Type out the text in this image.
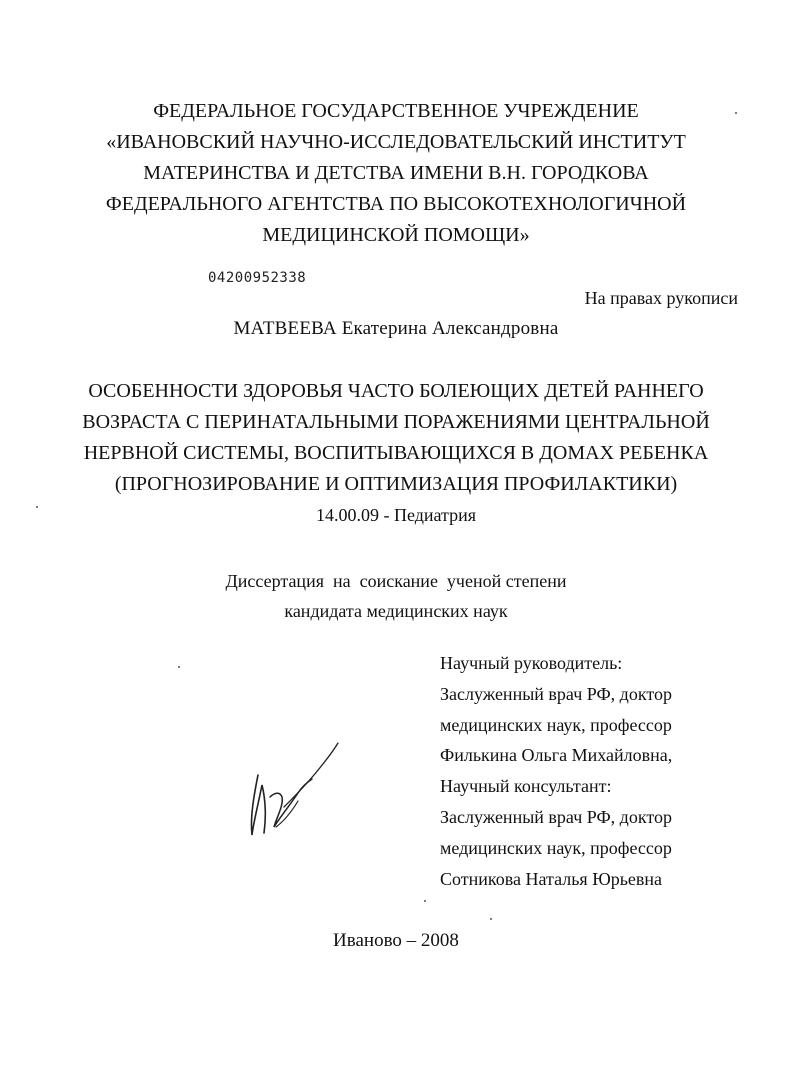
ФЕДЕРАЛЬНОЕ ГОСУДАРСТВЕННОЕ УЧРЕЖДЕНИЕ
«ИВАНОВСКИЙ НАУЧНО-ИССЛЕДОВАТЕЛЬСКИЙ ИНСТИТУТ
МАТЕРИНСТВА И ДЕТСТВА ИМЕНИ В.Н. ГОРОДКОВА
ФЕДЕРАЛЬНОГО АГЕНТСТВА ПО ВЫСОКОТЕХНОЛОГИЧНОЙ
МЕДИЦИНСКОЙ ПОМОЩИ»
04200952338
На правах рукописи
МАТВЕЕВА Екатерина Александровна
ОСОБЕННОСТИ ЗДОРОВЬЯ ЧАСТО БОЛЕЮЩИХ ДЕТЕЙ РАННЕГО
ВОЗРАСТА С ПЕРИНАТАЛЬНЫМИ ПОРАЖЕНИЯМИ ЦЕНТРАЛЬНОЙ
НЕРВНОЙ СИСТЕМЫ, ВОСПИТЫВАЮЩИХСЯ В ДОМАХ РЕБЕНКА
(ПРОГНОЗИРОВАНИЕ И ОПТИМИЗАЦИЯ ПРОФИЛАКТИКИ)
14.00.09 - Педиатрия
Диссертация  на  соискание  ученой степени
кандидата медицинских наук
Научный руководитель:
Заслуженный врач РФ, доктор
медицинских наук, профессор
Филькина Ольга Михайловна,
Научный консультант:
Заслуженный врач РФ, доктор
медицинских наук, профессор
Сотникова Наталья Юрьевна
Иваново – 2008
